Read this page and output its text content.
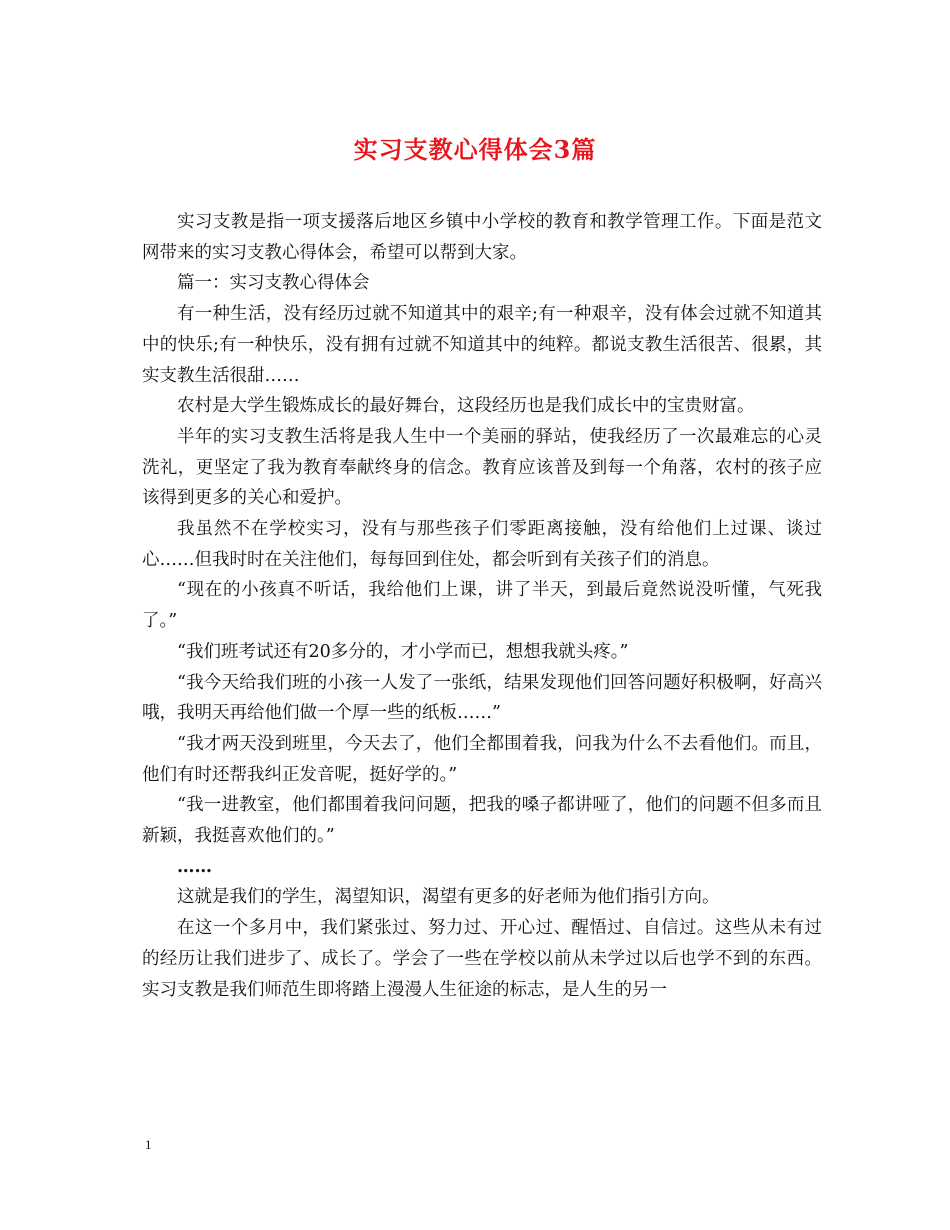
实习支教心得体会3篇

实习支教是指一项支援落后地区乡镇中小学校的教育和教学管理工作。下面是范文网带来的实习支教心得体会，希望可以帮到大家。

篇一：实习支教心得体会

有一种生活，没有经历过就不知道其中的艰辛;有一种艰辛，没有体会过就不知道其中的快乐;有一种快乐，没有拥有过就不知道其中的纯粹。都说支教生活很苦、很累，其实支教生活很甜……

农村是大学生锻炼成长的最好舞台，这段经历也是我们成长中的宝贵财富。

半年的实习支教生活将是我人生中一个美丽的驿站，使我经历了一次最难忘的心灵洗礼，更坚定了我为教育奉献终身的信念。教育应该普及到每一个角落，农村的孩子应该得到更多的关心和爱护。

我虽然不在学校实习，没有与那些孩子们零距离接触，没有给他们上过课、谈过心……但我时时在关注他们，每每回到住处，都会听到有关孩子们的消息。

“现在的小孩真不听话，我给他们上课，讲了半天，到最后竟然说没听懂，气死我了。”

“我们班考试还有20多分的，才小学而已，想想我就头疼。”

“我今天给我们班的小孩一人发了一张纸，结果发现他们回答问题好积极啊，好高兴哦，我明天再给他们做一个厚一些的纸板……”

“我才两天没到班里，今天去了，他们全都围着我，问我为什么不去看他们。而且，他们有时还帮我纠正发音呢，挺好学的。”

“我一进教室，他们都围着我问问题，把我的嗓子都讲哑了，他们的问题不但多而且新颖，我挺喜欢他们的。”

……

这就是我们的学生，渴望知识，渴望有更多的好老师为他们指引方向。

在这一个多月中，我们紧张过、努力过、开心过、醒悟过、自信过。这些从未有过的经历让我们进步了、成长了。学会了一些在学校以前从未学过以后也学不到的东西。实习支教是我们师范生即将踏上漫漫人生征途的标志，是人生的另一

1
